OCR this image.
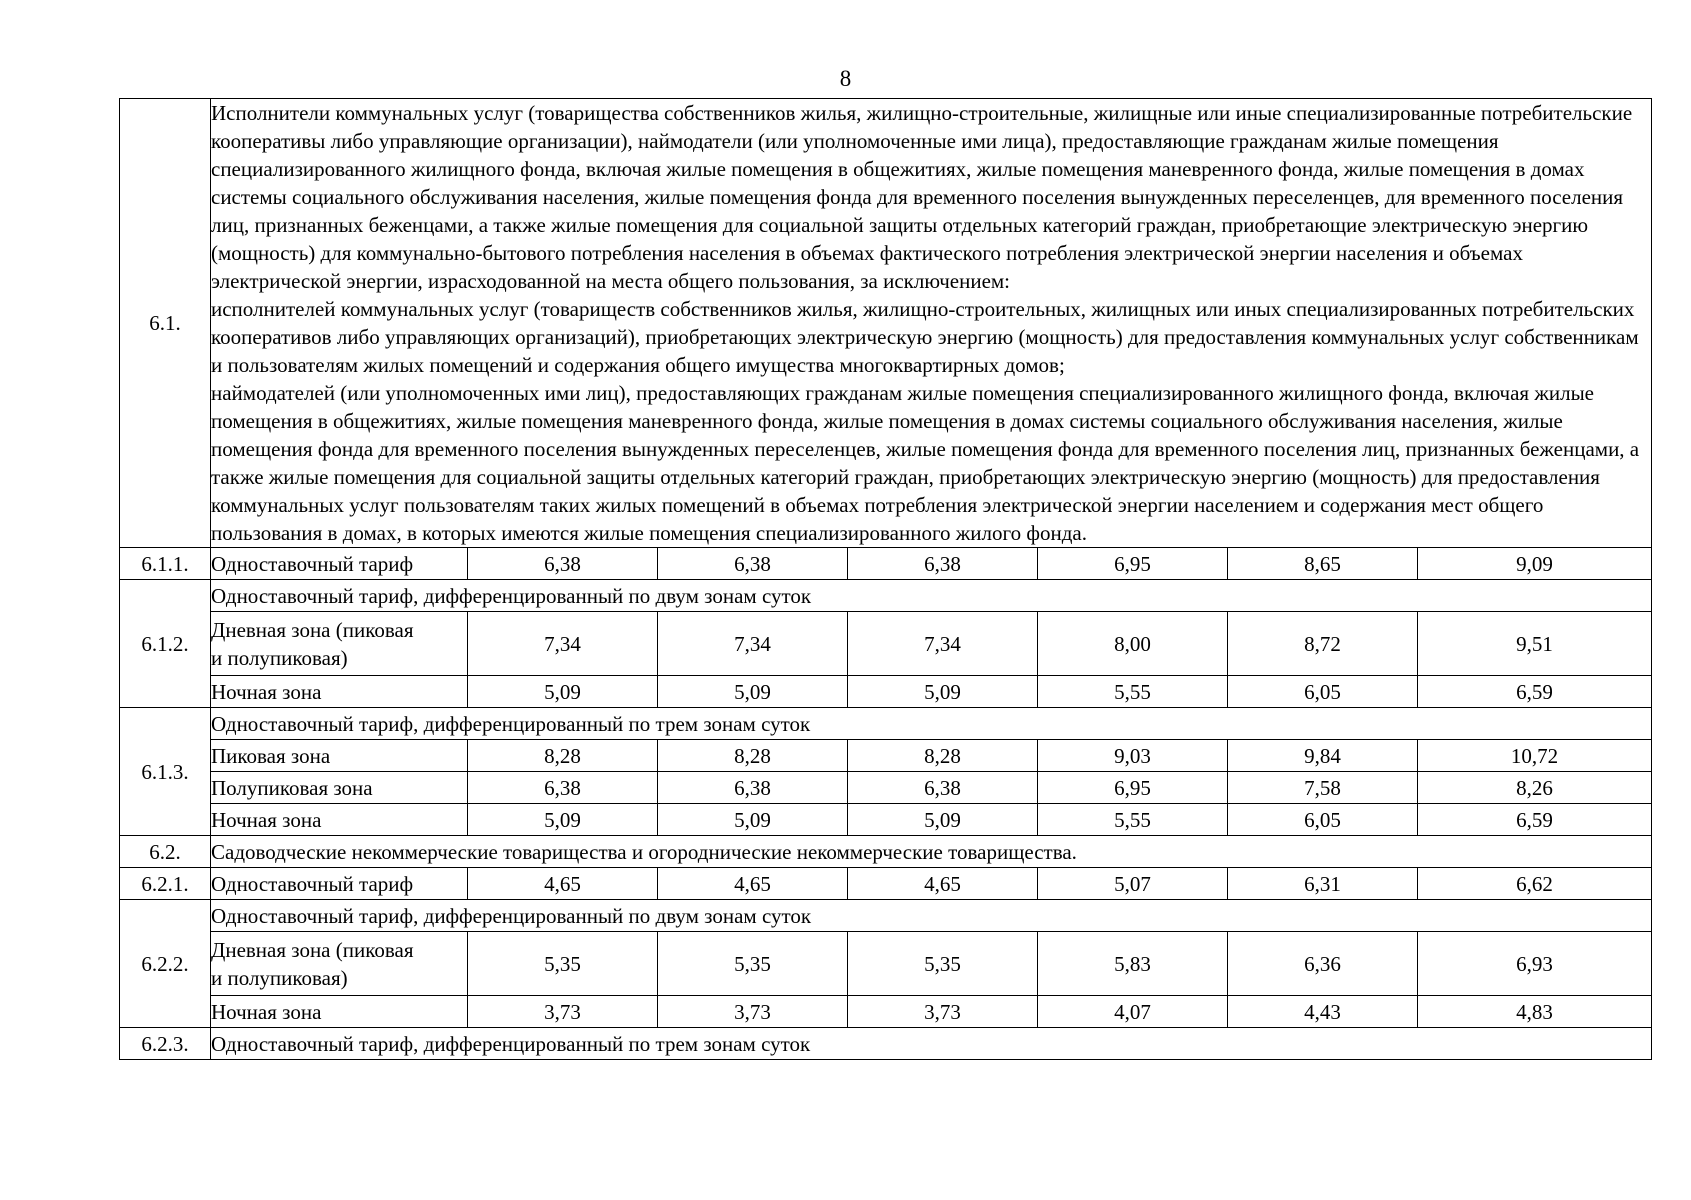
8
6.1.	Исполнители коммунальных услуг (товарищества собственников жилья, жилищно-строительные, жилищные или иные специализированные потребительские кооперативы либо управляющие организации), наймодатели (или уполномоченные ими лица), предоставляющие гражданам жилые помещения специализированного жилищного фонда, включая жилые помещения в общежитиях, жилые помещения маневренного фонда, жилые помещения в домах системы социального обслуживания населения, жилые помещения фонда для временного поселения вынужденных переселенцев, для временного поселения лиц, признанных беженцами, а также жилые помещения для социальной защиты отдельных категорий граждан, приобретающие электрическую энергию (мощность) для коммунально-бытового потребления населения в объемах фактического потребления электрической энергии населения и объемах электрической энергии, израсходованной на места общего пользования, за исключением:

исполнителей коммунальных услуг (товариществ собственников жилья, жилищно-строительных, жилищных или иных специализированных потребительских кооперативов либо управляющих организаций), приобретающих электрическую энергию (мощность) для предоставления коммунальных услуг собственникам и пользователям жилых помещений и содержания общего имущества многоквартирных домов;

наймодателей (или уполномоченных ими лиц), предоставляющих гражданам жилые помещения специализированного жилищного фонда, включая жилые помещения в общежитиях, жилые помещения маневренного фонда, жилые помещения в домах системы социального обслуживания населения, жилые помещения фонда для временного поселения вынужденных переселенцев, жилые помещения фонда для временного поселения лиц, признанных беженцами, а также жилые помещения для социальной защиты отдельных категорий граждан, приобретающих электрическую энергию (мощность) для предоставления коммунальных услуг пользователям таких жилых помещений в объемах потребления электрической энергии населением и содержания мест общего пользования в домах, в которых имеются жилые помещения специализированного жилого фонда.						

6.1.1.	Одноставочный тариф	6,38	6,38	6,38	6,95	8,65	9,09
6.1.2.	Одноставочный тариф, дифференцированный по двум зонам суток						
	Дневная зона (пиковая
и полупиковая)	7,34	7,34	7,34	8,00	8,72	9,51
	Ночная зона	5,09	5,09	5,09	5,55	6,05	6,59
6.1.3.	Одноставочный тариф, дифференцированный по трем зонам суток						
	Пиковая зона	8,28	8,28	8,28	9,03	9,84	10,72
	Полупиковая зона	6,38	6,38	6,38	6,95	7,58	8,26
	Ночная зона	5,09	5,09	5,09	5,55	6,05	6,59
6.2.	Садоводческие некоммерческие товарищества и огороднические некоммерческие товарищества.						
6.2.1.	Одноставочный тариф	4,65	4,65	4,65	5,07	6,31	6,62
6.2.2.	Одноставочный тариф, дифференцированный по двум зонам суток						
	Дневная зона (пиковая
и полупиковая)	5,35	5,35	5,35	5,83	6,36	6,93
	Ночная зона	3,73	3,73	3,73	4,07	4,43	4,83
6.2.3.	Одноставочный тариф, дифференцированный по трем зонам суток						
